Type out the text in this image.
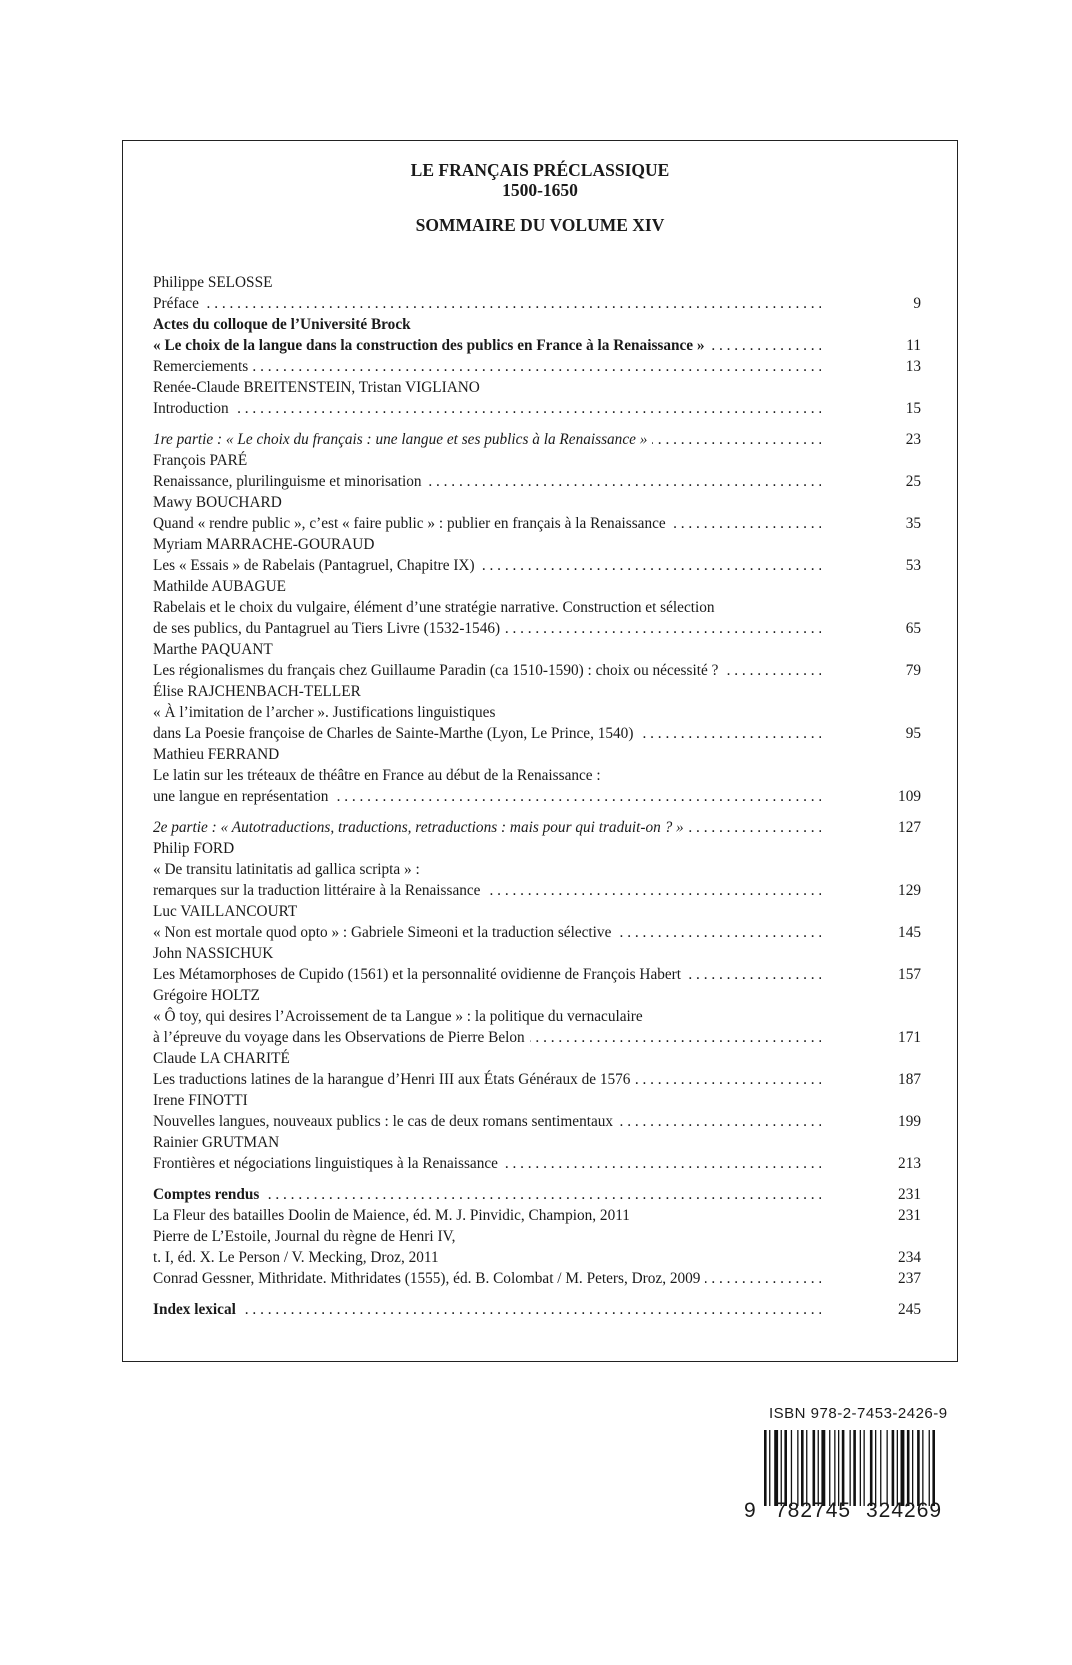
LE FRANÇAIS PRÉCLASSIQUE
1500-1650
SOMMAIRE DU VOLUME XIV
Philippe SELOSSE
. . . Préface	9
Actes du colloque de l’Université Brock
. . . « Le choix de la langue dans la construction des publics en France à la Renaissance »	11
. . . Remerciements	13
Renée-Claude BREITENSTEIN, Tristan VIGLIANO
. . . Introduction	15
. . . 1re partie : « Le choix du français : une langue et ses publics à la Renaissance »	23
François PARÉ
. . . Renaissance, plurilinguisme et minorisation	25
Mawy BOUCHARD
. . . Quand « rendre public », c’est « faire public » : publier en français à la Renaissance	35
Myriam MARRACHE-GOURAUD
. . . Les « Essais » de Rabelais (Pantagruel, Chapitre IX)	53
Mathilde AUBAGUE
Rabelais et le choix du vulgaire, élément d’une stratégie narrative. Construction et sélection
. . . de ses publics, du Pantagruel au Tiers Livre (1532-1546)	65
Marthe PAQUANT
. . . Les régionalismes du français chez Guillaume Paradin (ca 1510-1590) : choix ou nécessité ?	79
Élise RAJCHENBACH-TELLER
« À l’imitation de l’archer ». Justifications linguistiques
. . . dans La Poesie françoise de Charles de Sainte-Marthe (Lyon, Le Prince, 1540)	95
Mathieu FERRAND
Le latin sur les tréteaux de théâtre en France au début de la Renaissance :
. . . une langue en représentation	109
. . . 2e partie : « Autotraductions, traductions, retraductions : mais pour qui traduit-on ? »	127
Philip FORD
« De transitu latinitatis ad gallica scripta » :
. . . remarques sur la traduction littéraire à la Renaissance	129
Luc VAILLANCOURT
. . . « Non est mortale quod opto » : Gabriele Simeoni et la traduction sélective	145
John NASSICHUK
. . . Les Métamorphoses de Cupido (1561) et la personnalité ovidienne de François Habert	157
Grégoire HOLTZ
« Ô toy, qui desires l’Acroissement de ta Langue » : la politique du vernaculaire
. . . à l’épreuve du voyage dans les Observations de Pierre Belon	171
Claude LA CHARITÉ
. . . Les traductions latines de la harangue d’Henri III aux États Généraux de 1576	187
Irene FINOTTI
. . . Nouvelles langues, nouveaux publics : le cas de deux romans sentimentaux	199
Rainier GRUTMAN
. . . Frontières et négociations linguistiques à la Renaissance	213
. . . Comptes rendus	231
La Fleur des batailles Doolin de Maience, éd. M. J. Pinvidic, Champion, 2011	231
Pierre de L’Estoile, Journal du règne de Henri IV,
t. I, éd. X. Le Person / V. Mecking, Droz, 2011	234
. . . Conrad Gessner, Mithridate. Mithridates (1555), éd. B. Colombat / M. Peters, Droz, 2009	237
. . . Index lexical	245
ISBN 978-2-7453-2426-9
9 782745 324269
